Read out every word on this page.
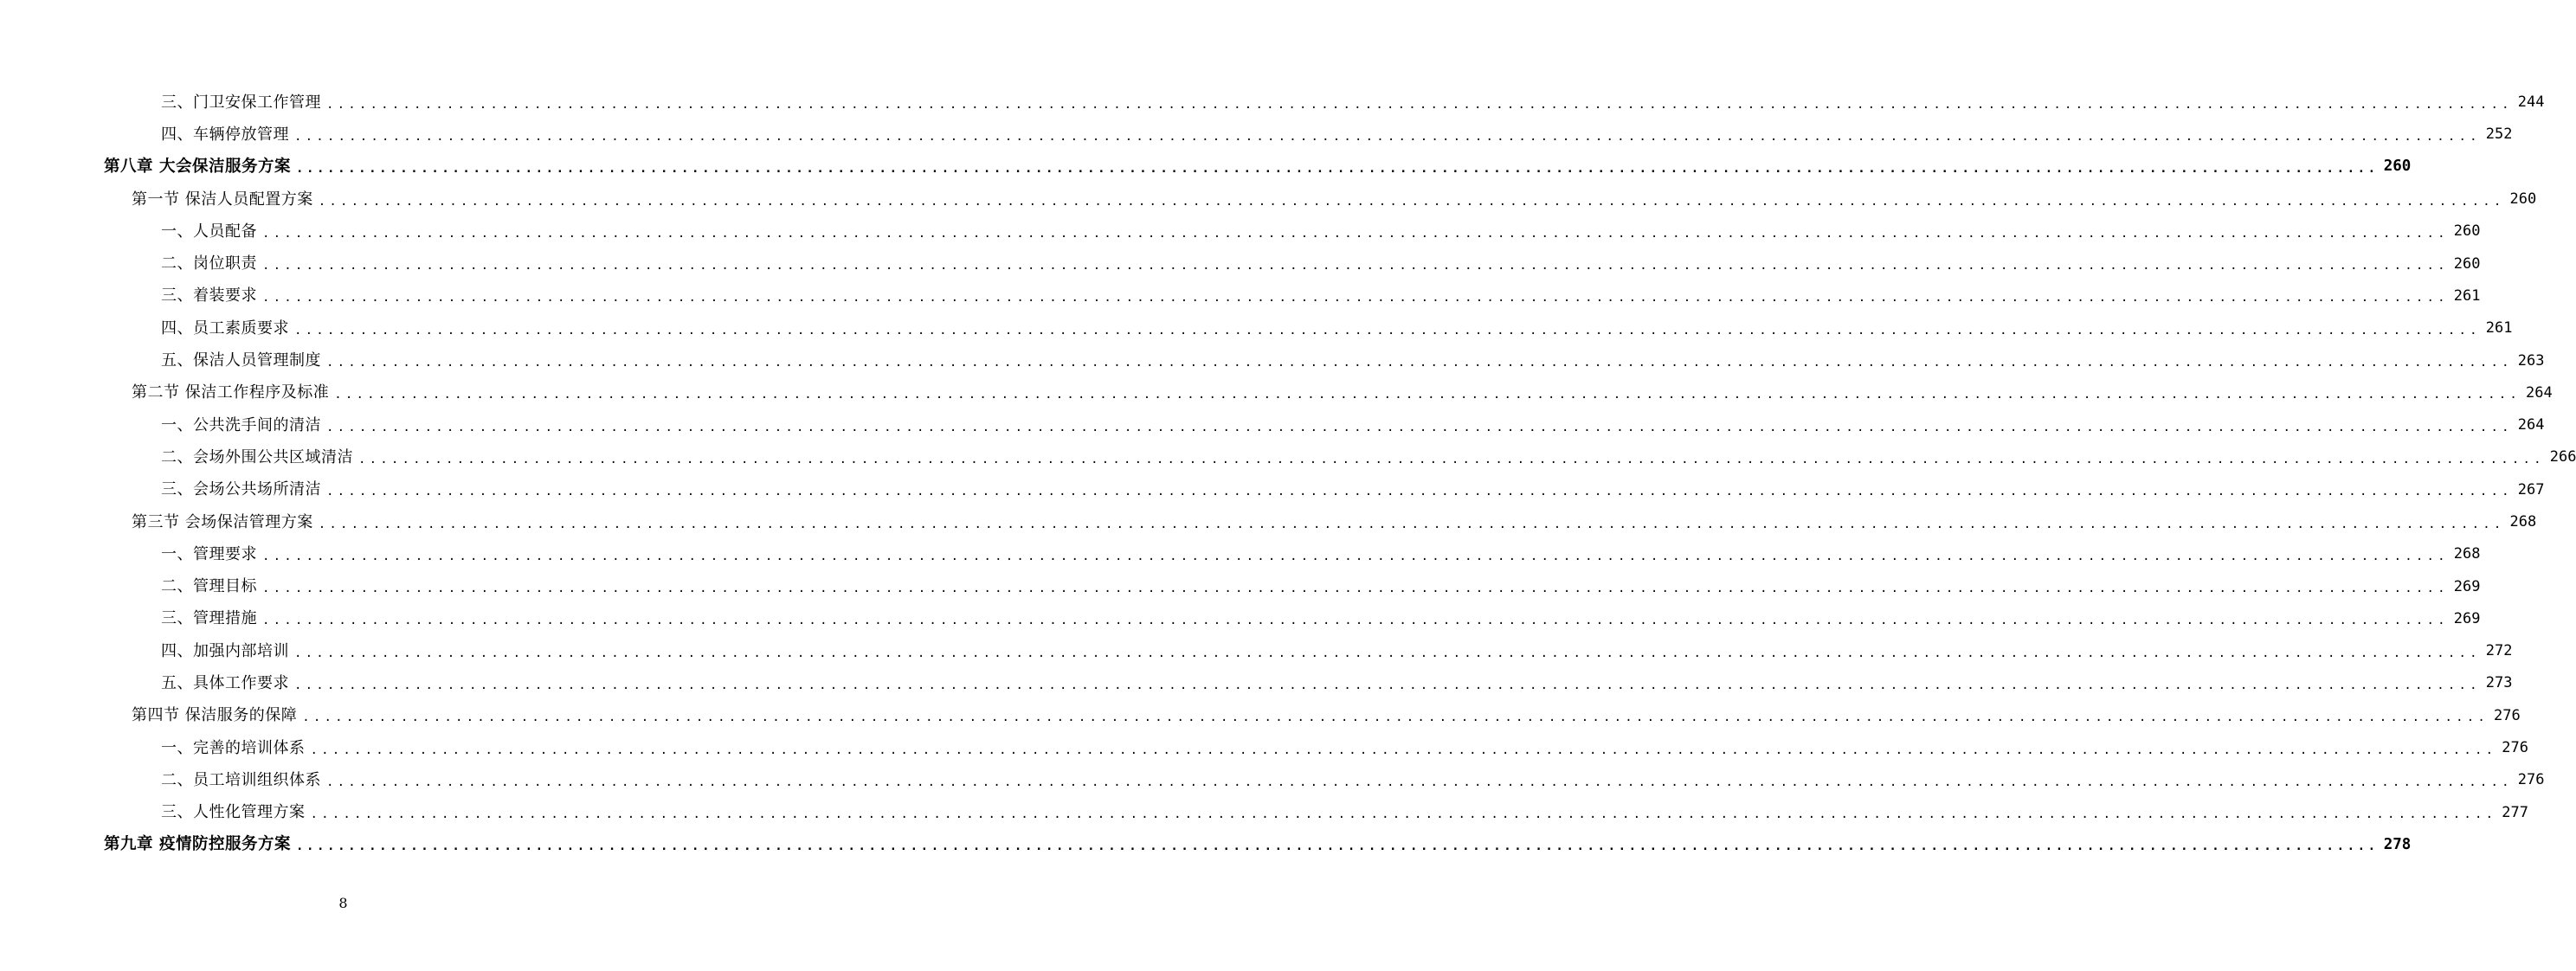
三、门卫安保工作管理 ........................................................................................................................................................................................................ 244
四、车辆停放管理 ........................................................................................................................................................................................................ 252
第八章 大会保洁服务方案 ........................................................................................................................................................................................................ 260
第一节 保洁人员配置方案 ........................................................................................................................................................................................................ 260
一、人员配备 ........................................................................................................................................................................................................ 260
二、岗位职责 ........................................................................................................................................................................................................ 260
三、着装要求 ........................................................................................................................................................................................................ 261
四、员工素质要求 ........................................................................................................................................................................................................ 261
五、保洁人员管理制度 ........................................................................................................................................................................................................ 263
第二节 保洁工作程序及标准 ........................................................................................................................................................................................................ 264
一、公共洗手间的清洁 ........................................................................................................................................................................................................ 264
二、会场外围公共区域清洁 ........................................................................................................................................................................................................ 266
三、会场公共场所清洁 ........................................................................................................................................................................................................ 267
第三节 会场保洁管理方案 ........................................................................................................................................................................................................ 268
一、管理要求 ........................................................................................................................................................................................................ 268
二、管理目标 ........................................................................................................................................................................................................ 269
三、管理措施 ........................................................................................................................................................................................................ 269
四、加强内部培训 ........................................................................................................................................................................................................ 272
五、具体工作要求 ........................................................................................................................................................................................................ 273
第四节 保洁服务的保障 ........................................................................................................................................................................................................ 276
一、完善的培训体系 ........................................................................................................................................................................................................ 276
二、员工培训组织体系 ........................................................................................................................................................................................................ 276
三、人性化管理方案 ........................................................................................................................................................................................................ 277
第九章 疫情防控服务方案 ........................................................................................................................................................................................................ 278
8
